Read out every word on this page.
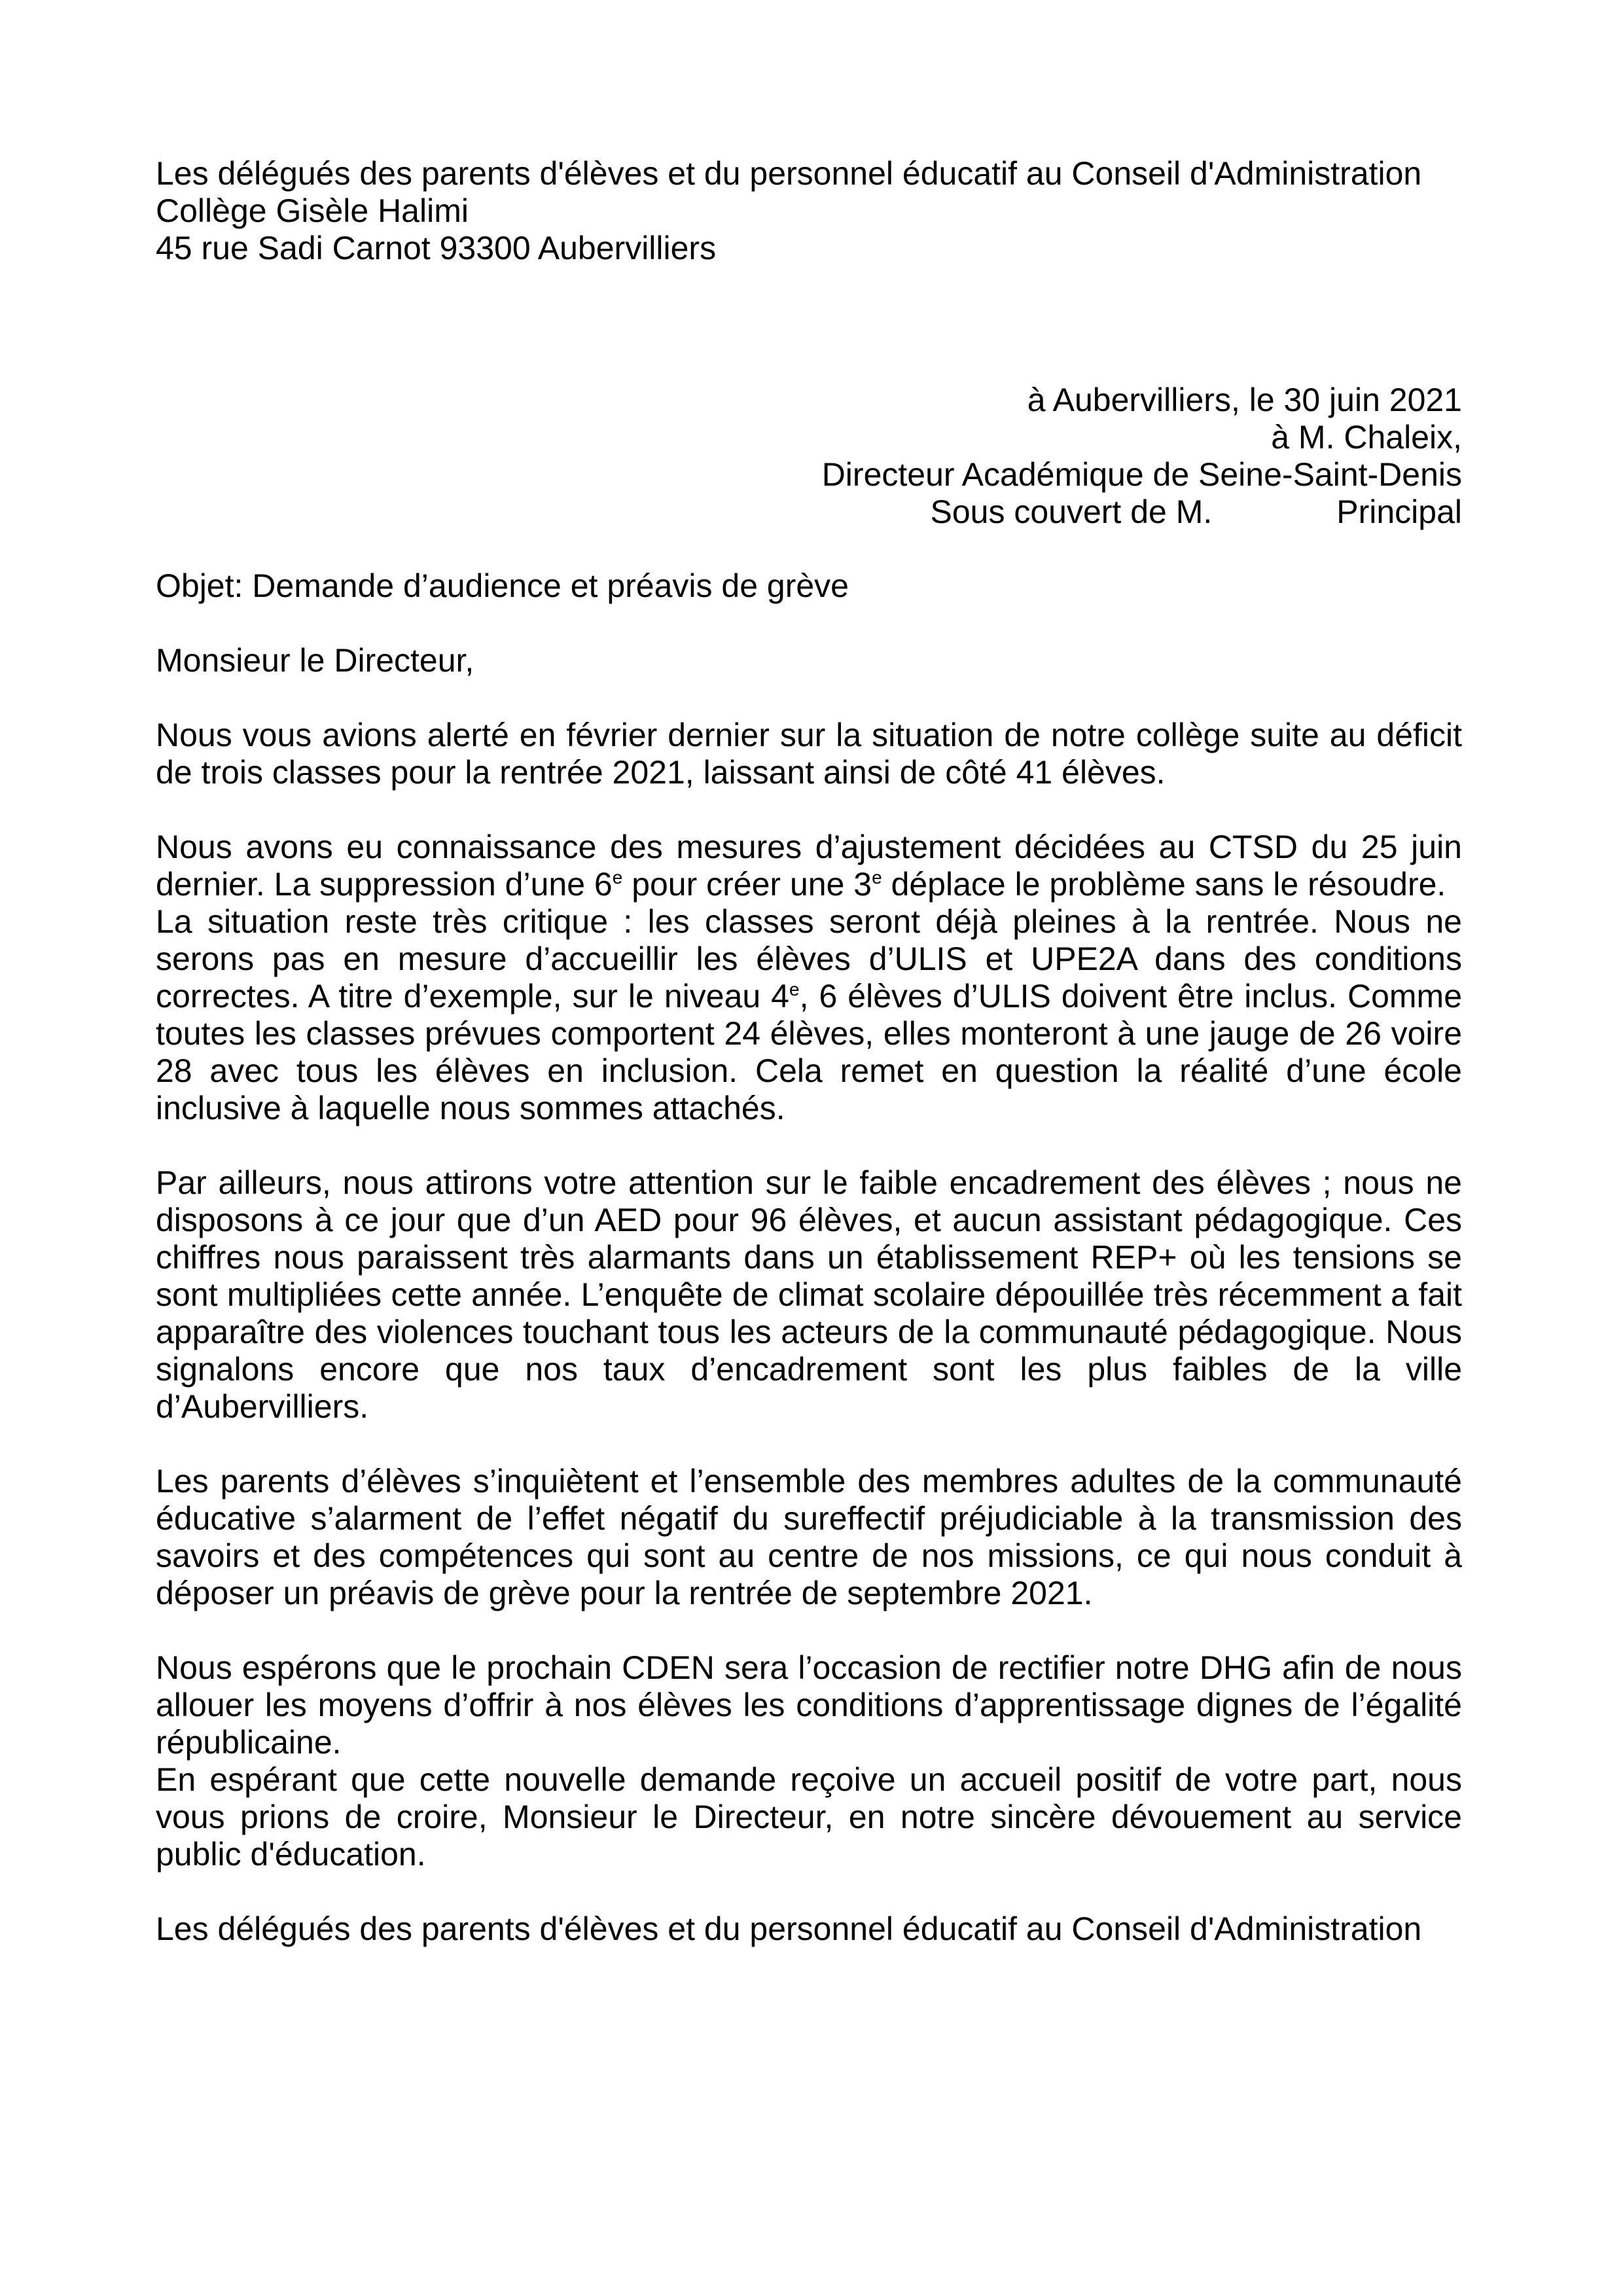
Les délégués des parents d'élèves et du personnel éducatif au Conseil d'Administration
Collège Gisèle Halimi
45 rue Sadi Carnot 93300 Aubervilliers
à Aubervilliers, le 30 juin 2021
à M. Chaleix,
Directeur Académique de Seine-Saint-Denis
Sous couvert de M.	Principal

Objet: Demande d’audience et préavis de grève

Monsieur le Directeur,

Nous vous avions alerté en février dernier sur la situation de notre collège suite au déficit de trois classes pour la rentrée 2021, laissant ainsi de côté 41 élèves.

Nous avons eu connaissance des mesures d’ajustement décidées au CTSD du 25 juin dernier. La suppression d’une 6e pour créer une 3e déplace le problème sans le résoudre.

La situation reste très critique : les classes seront déjà pleines à la rentrée. Nous ne serons pas en mesure d’accueillir les élèves d’ULIS et UPE2A dans des conditions correctes. A titre d’exemple, sur le niveau 4e, 6 élèves d’ULIS doivent être inclus. Comme toutes les classes prévues comportent 24 élèves, elles monteront à une jauge de 26 voire 28 avec tous les élèves en inclusion. Cela remet en question la réalité d’une école inclusive à laquelle nous sommes attachés.

Par ailleurs, nous attirons votre attention sur le faible encadrement des élèves ; nous ne disposons à ce jour que d’un AED pour 96 élèves, et aucun assistant pédagogique. Ces chiffres nous paraissent très alarmants dans un établissement REP+ où les tensions se sont multipliées cette année. L’enquête de climat scolaire dépouillée très récemment a fait apparaître des violences touchant tous les acteurs de la communauté pédagogique. Nous signalons encore que nos taux d’encadrement sont les plus faibles de la ville d’Aubervilliers.

Les parents d’élèves s’inquiètent et l’ensemble des membres adultes de la communauté éducative s’alarment de l’effet négatif du sureffectif préjudiciable à la transmission des savoirs et des compétences qui sont au centre de nos missions, ce qui nous conduit à déposer un préavis de grève pour la rentrée de septembre 2021.

Nous espérons que le prochain CDEN sera l’occasion de rectifier notre DHG afin de nous allouer les moyens d’offrir à nos élèves les conditions d’apprentissage dignes de l’égalité républicaine.

En espérant que cette nouvelle demande reçoive un accueil positif de votre part, nous vous prions de croire, Monsieur le Directeur, en notre sincère dévouement au service public d'éducation.

Les délégués des parents d'élèves et du personnel éducatif au Conseil d'Administration
